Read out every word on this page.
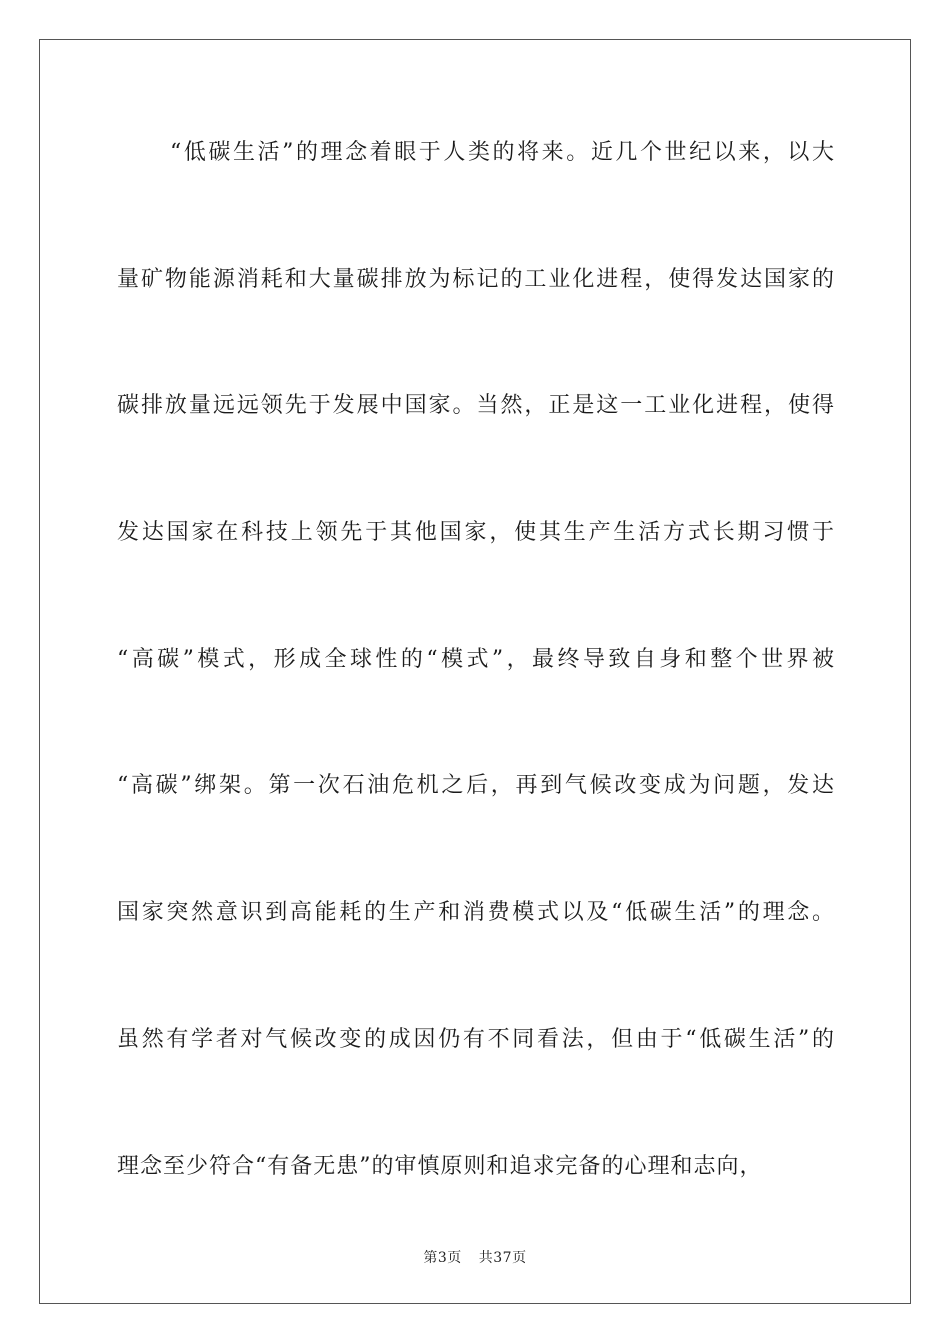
“低碳生活”的理念着眼于人类的将来。近几个世纪以来，以大
量矿物能源消耗和大量碳排放为标记的工业化进程，使得发达国家的
碳排放量远远领先于发展中国家。当然，正是这一工业化进程，使得
发达国家在科技上领先于其他国家，使其生产生活方式长期习惯于
“高碳”模式，形成全球性的“模式”，最终导致自身和整个世界被
“高碳”绑架。第一次石油危机之后，再到气候改变成为问题，发达
国家突然意识到高能耗的生产和消费模式以及“低碳生活”的理念。
虽然有学者对气候改变的成因仍有不同看法，但由于“低碳生活”的
理念至少符合“有备无患”的审慎原则和追求完备的心理和志向，
第3页 共37页
